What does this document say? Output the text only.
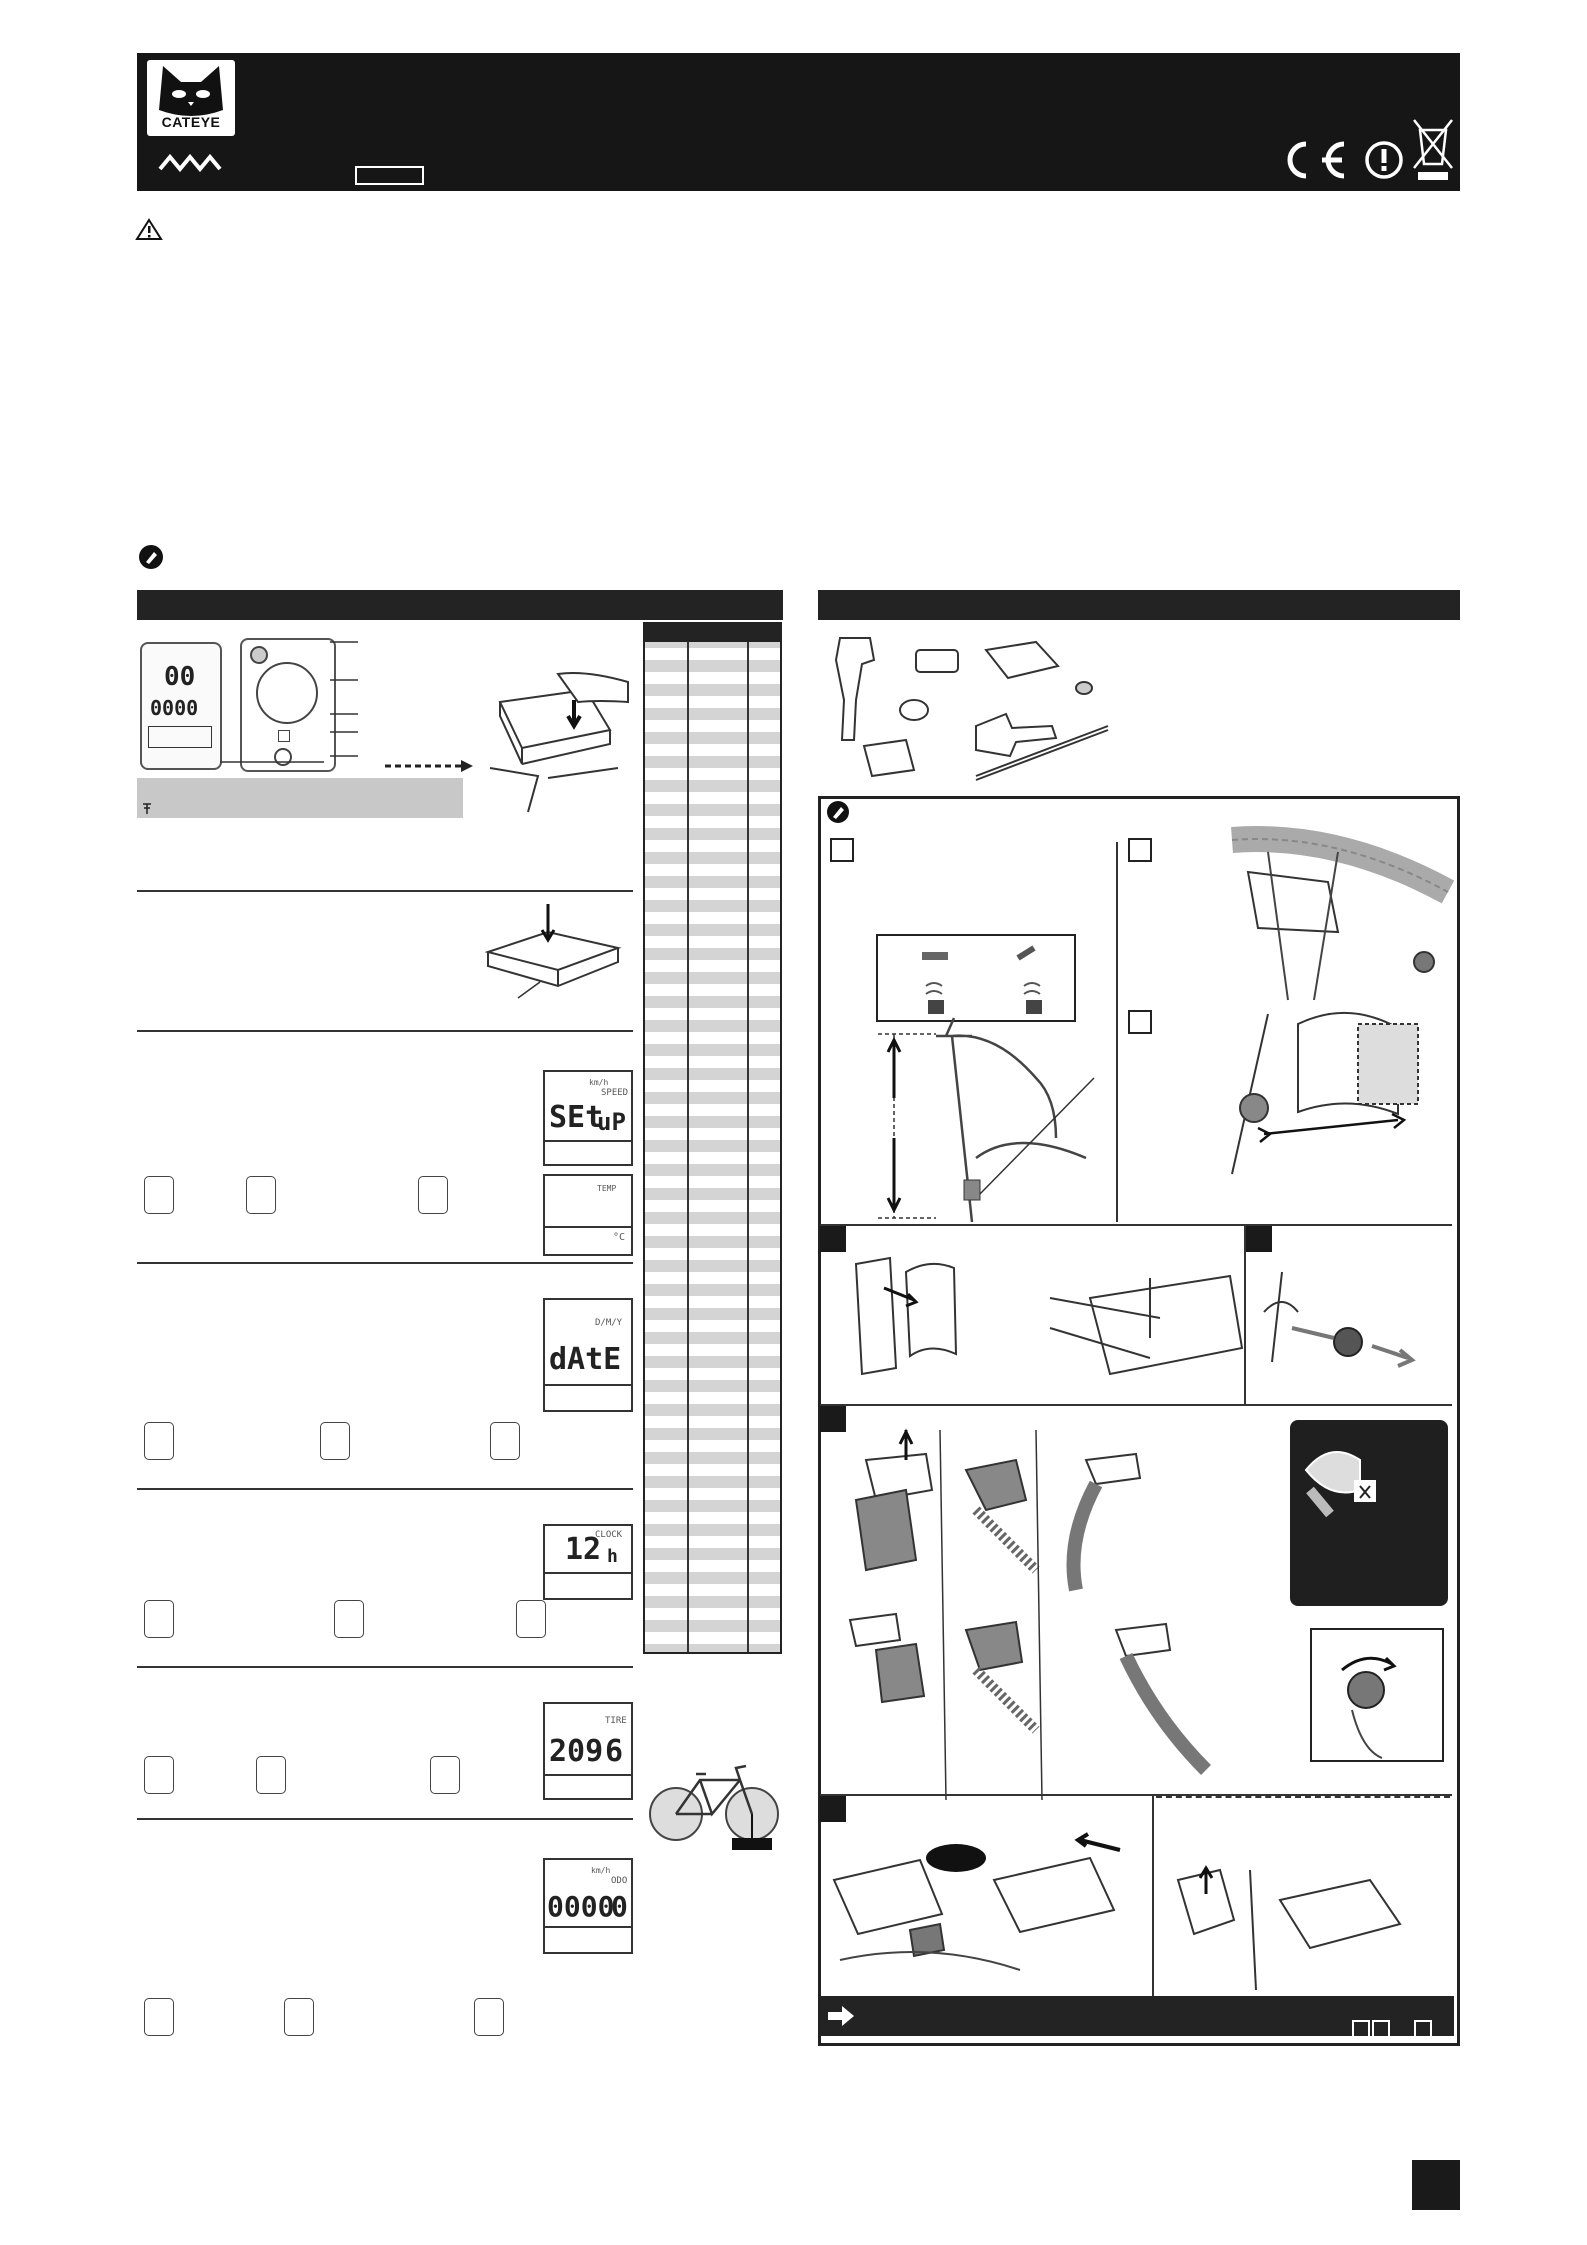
CATEYE
00
0000
km/h
SPEED
SEt
uP
TEMP
°C
D/M/Y
dAtE
CLOCK
12 h
TIRE
209 6
km/h
ODO
0000
0
